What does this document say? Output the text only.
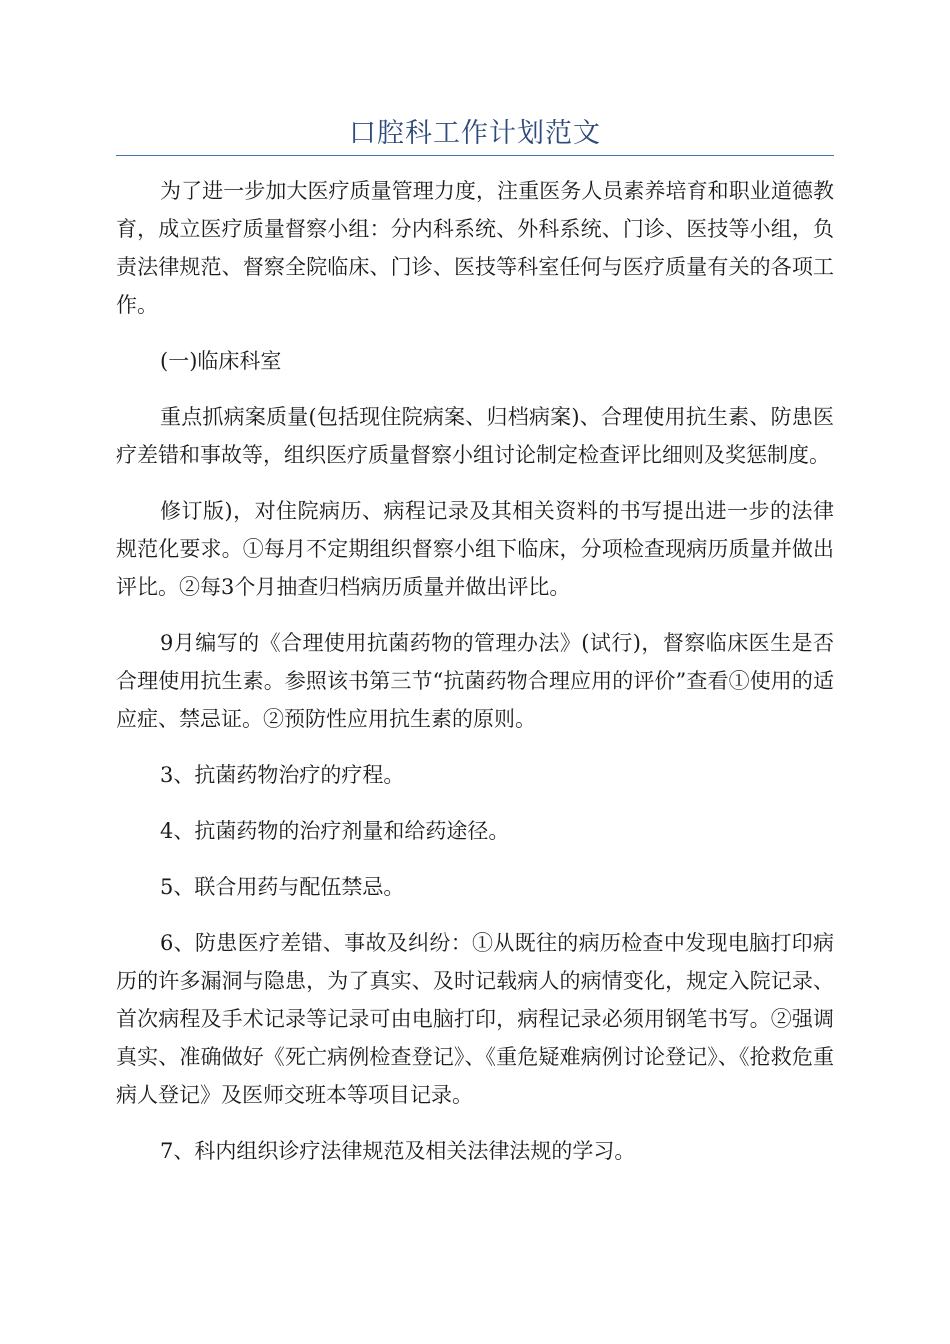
口腔科工作计划范文

为了进一步加大医疗质量管理力度，注重医务人员素养培育和职业道德教育，成立医疗质量督察小组：分内科系统、外科系统、门诊、医技等小组，负责法律规范、督察全院临床、门诊、医技等科室任何与医疗质量有关的各项工作。

(一)临床科室

重点抓病案质量(包括现住院病案、归档病案)、合理使用抗生素、防患医疗差错和事故等，组织医疗质量督察小组讨论制定检查评比细则及奖惩制度。

修订版)，对住院病历、病程记录及其相关资料的书写提出进一步的法律规范化要求。①每月不定期组织督察小组下临床，分项检查现病历质量并做出评比。②每3个月抽查归档病历质量并做出评比。

9月编写的《合理使用抗菌药物的管理办法》(试行)，督察临床医生是否合理使用抗生素。参照该书第三节“抗菌药物合理应用的评价”查看①使用的适应症、禁忌证。②预防性应用抗生素的原则。

3、抗菌药物治疗的疗程。

4、抗菌药物的治疗剂量和给药途径。

5、联合用药与配伍禁忌。

6、防患医疗差错、事故及纠纷：①从既往的病历检查中发现电脑打印病历的许多漏洞与隐患，为了真实、及时记载病人的病情变化，规定入院记录、首次病程及手术记录等记录可由电脑打印，病程记录必须用钢笔书写。②强调真实、准确做好《死亡病例检查登记》、《重危疑难病例讨论登记》、《抢救危重病人登记》及医师交班本等项目记录。

7、科内组织诊疗法律规范及相关法律法规的学习。
